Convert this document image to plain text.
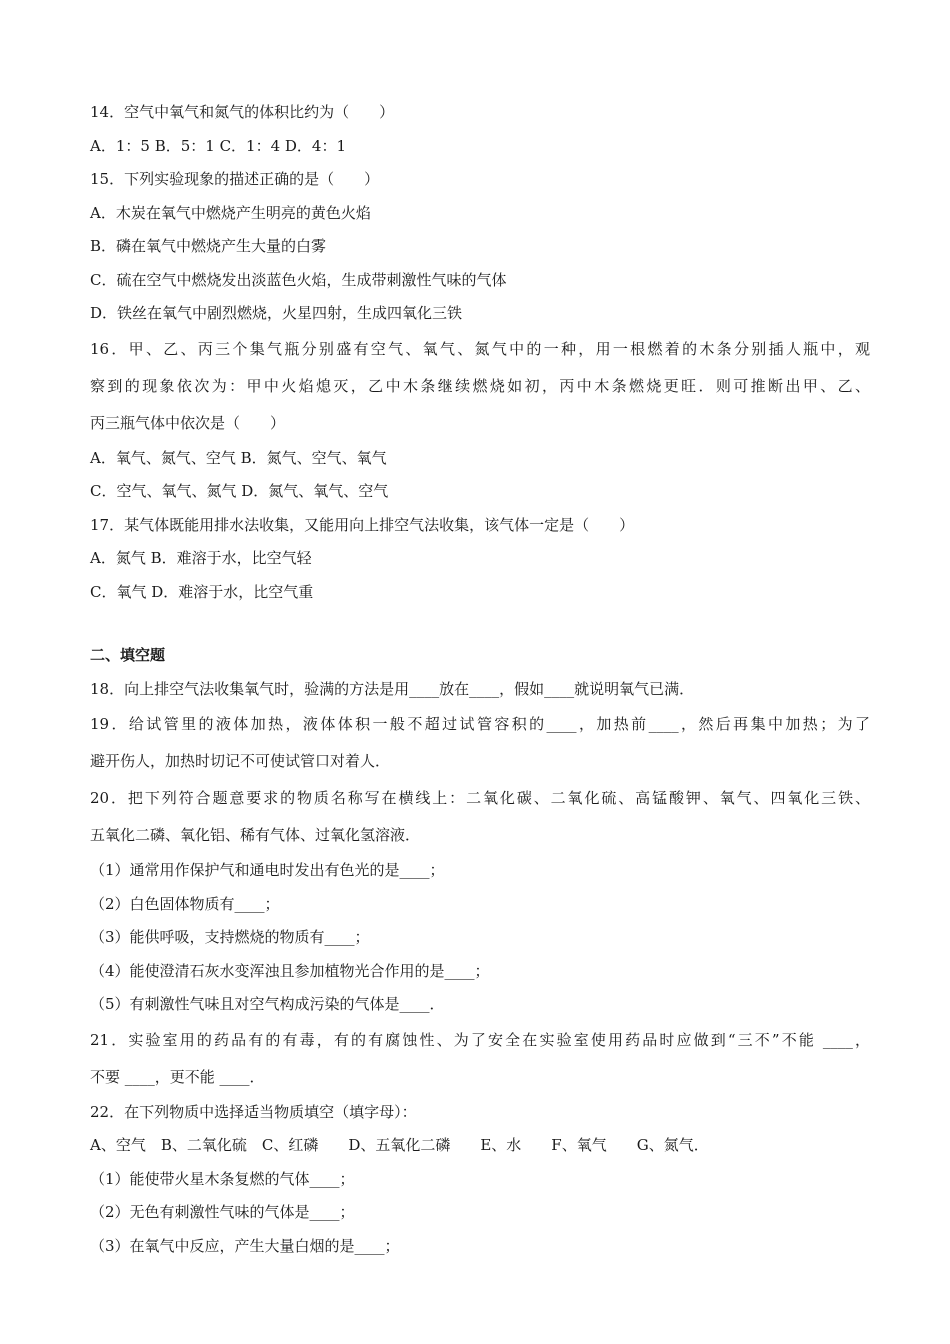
14．空气中氧气和氮气的体积比约为（　　）
A．1：5 B．5：1 C．1：4 D．4：1
15．下列实验现象的描述正确的是（　　）
A．木炭在氧气中燃烧产生明亮的黄色火焰
B．磷在氧气中燃烧产生大量的白雾
C．硫在空气中燃烧发出淡蓝色火焰，生成带刺激性气味的气体
D．铁丝在氧气中剧烈燃烧，火星四射，生成四氧化三铁
16．甲、乙、丙三个集气瓶分别盛有空气、氧气、氮气中的一种，用一根燃着的木条分别插人瓶中，观
察到的现象依次为：甲中火焰熄灭，乙中木条继续燃烧如初，丙中木条燃烧更旺．则可推断出甲、乙、
丙三瓶气体中依次是（　　）
A．氧气、氮气、空气 B．氮气、空气、氧气
C．空气、氧气、氮气 D．氮气、氧气、空气
17．某气体既能用排水法收集，又能用向上排空气法收集，该气体一定是（　　）
A．氮气 B．难溶于水，比空气轻
C．氧气 D．难溶于水，比空气重
二、填空题
18．向上排空气法收集氧气时，验满的方法是用____放在____，假如____就说明氧气已满．
19．给试管里的液体加热，液体体积一般不超过试管容积的____，加热前____，然后再集中加热；为了
避开伤人，加热时切记不可使试管口对着人．
20．把下列符合题意要求的物质名称写在横线上：二氧化碳、二氧化硫、高锰酸钾、氧气、四氧化三铁、
五氧化二磷、氧化铝、稀有气体、过氧化氢溶液．
（1）通常用作保护气和通电时发出有色光的是____；
（2）白色固体物质有____；
（3）能供呼吸，支持燃烧的物质有____；
（4）能使澄清石灰水变浑浊且参加植物光合作用的是____；
（5）有刺激性气味且对空气构成污染的气体是____．
21．实验室用的药品有的有毒，有的有腐蚀性、为了安全在实验室使用药品时应做到“三不”不能 ____，
不要 ____，更不能 ____．
22．在下列物质中选择适当物质填空（填字母）：
A、空气　B、二氧化硫　C、红磷　　D、五氧化二磷　　E、水　　F、氧气　　G、氮气．
（1）能使带火星木条复燃的气体____；
（2）无色有刺激性气味的气体是____；
（3）在氧气中反应，产生大量白烟的是____；
